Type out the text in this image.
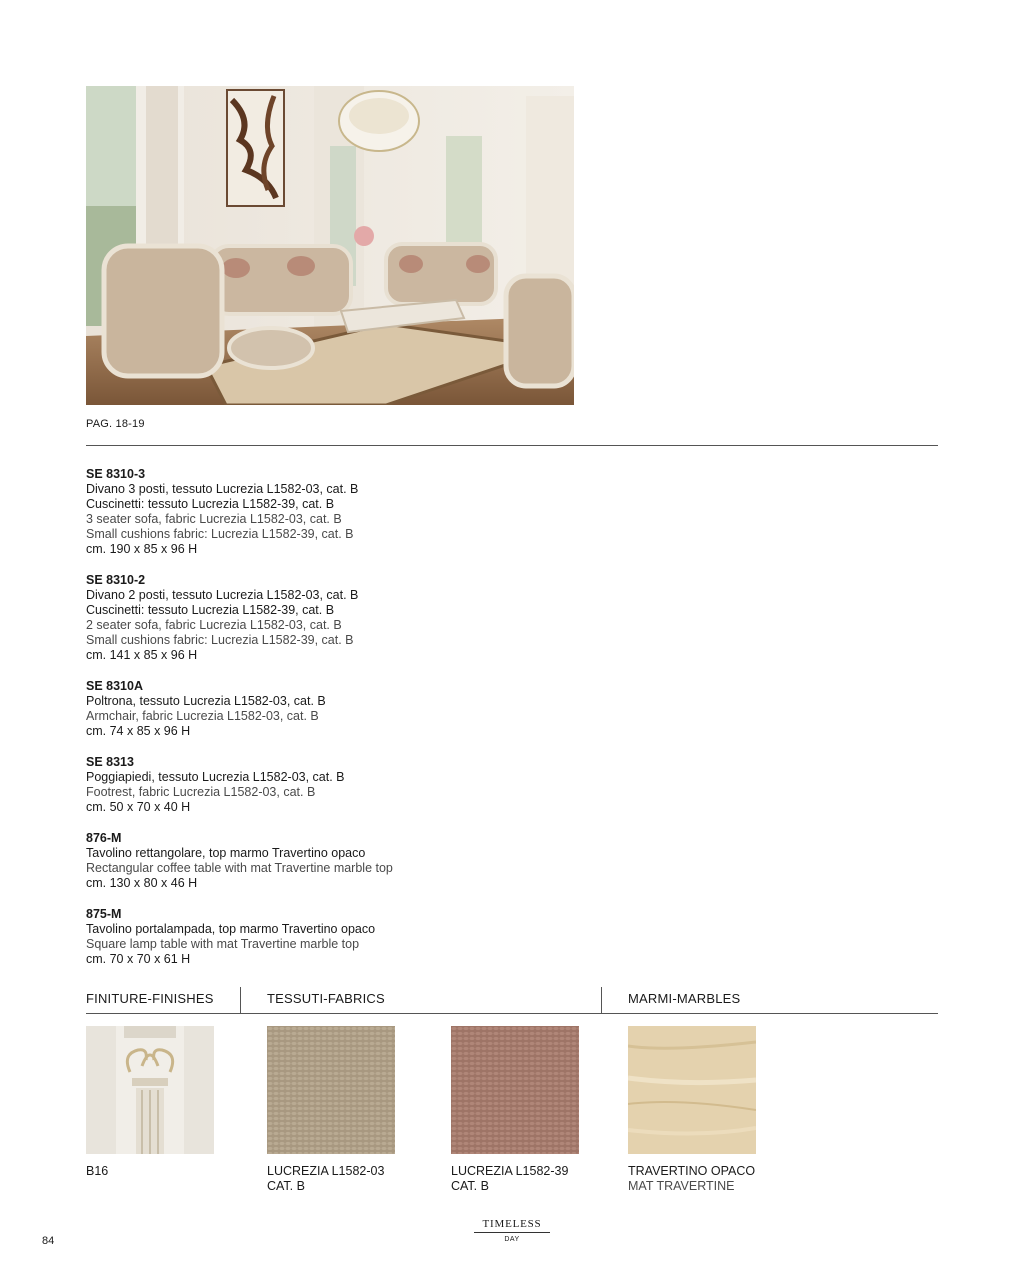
PAG. 18-19
SE 8310-3
Divano 3 posti, tessuto Lucrezia L1582-03, cat. B
Cuscinetti: tessuto Lucrezia L1582-39, cat. B
3 seater sofa, fabric Lucrezia L1582-03, cat. B
Small cushions fabric: Lucrezia L1582-39, cat. B
cm. 190 x 85 x 96 H
SE 8310-2
Divano 2 posti, tessuto Lucrezia L1582-03, cat. B
Cuscinetti: tessuto Lucrezia L1582-39, cat. B
2 seater sofa, fabric Lucrezia L1582-03, cat. B
Small cushions fabric: Lucrezia L1582-39, cat. B
cm. 141 x 85 x 96 H
SE 8310A
Poltrona, tessuto Lucrezia L1582-03, cat. B
Armchair, fabric Lucrezia L1582-03, cat. B
cm. 74 x 85 x 96 H
SE 8313
Poggiapiedi, tessuto Lucrezia L1582-03, cat. B
Footrest, fabric Lucrezia L1582-03, cat. B
cm. 50 x 70 x 40 H
876-M
Tavolino rettangolare, top marmo Travertino opaco
Rectangular coffee table with mat Travertine marble top
cm. 130 x 80 x 46 H
875-M
Tavolino portalampada, top marmo Travertino opaco
Square lamp table with mat Travertine marble top
cm. 70 x 70 x 61 H
FINITURE-FINISHES	TESSUTI-FABRICS	MARMI-MARBLES
B16	LUCREZIA L1582-03
CAT. B
LUCREZIA L1582-39
CAT. B
TRAVERTINO OPACO
MAT TRAVERTINE
84
TIMELESS
DAY
